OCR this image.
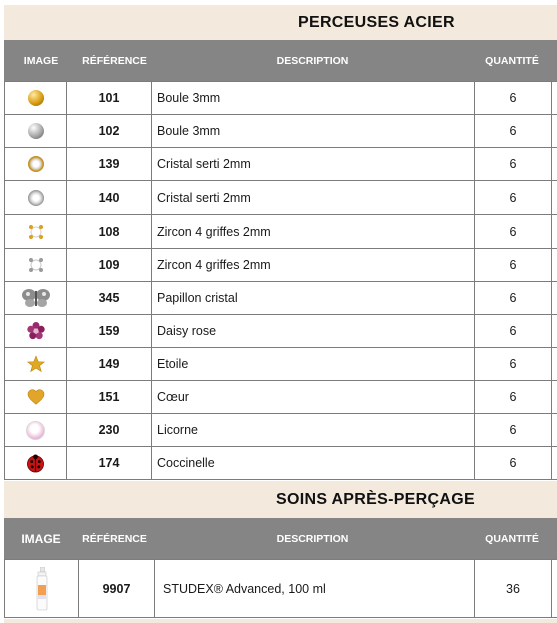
PERCEUSES ACIER
IMAGE	RÉFÉRENCE	DESCRIPTION	QUANTITÉ
	101	Boule 3mm	6	
	102	Boule 3mm	6	
	139	Cristal serti 2mm	6	
	140	Cristal serti 2mm	6	
	108	Zircon 4 griffes 2mm	6	
	109	Zircon 4 griffes 2mm	6	
	345	Papillon cristal	6	
	159	Daisy rose	6	
	149	Etoile	6	
	151	Cœur	6	
	230	Licorne	6	
	174	Coccinelle	6	
SOINS APRÈS-PERÇAGE
IMAGE	RÉFÉRENCE	DESCRIPTION	QUANTITÉ
	9907	STUDEX® Advanced, 100 ml	36	
